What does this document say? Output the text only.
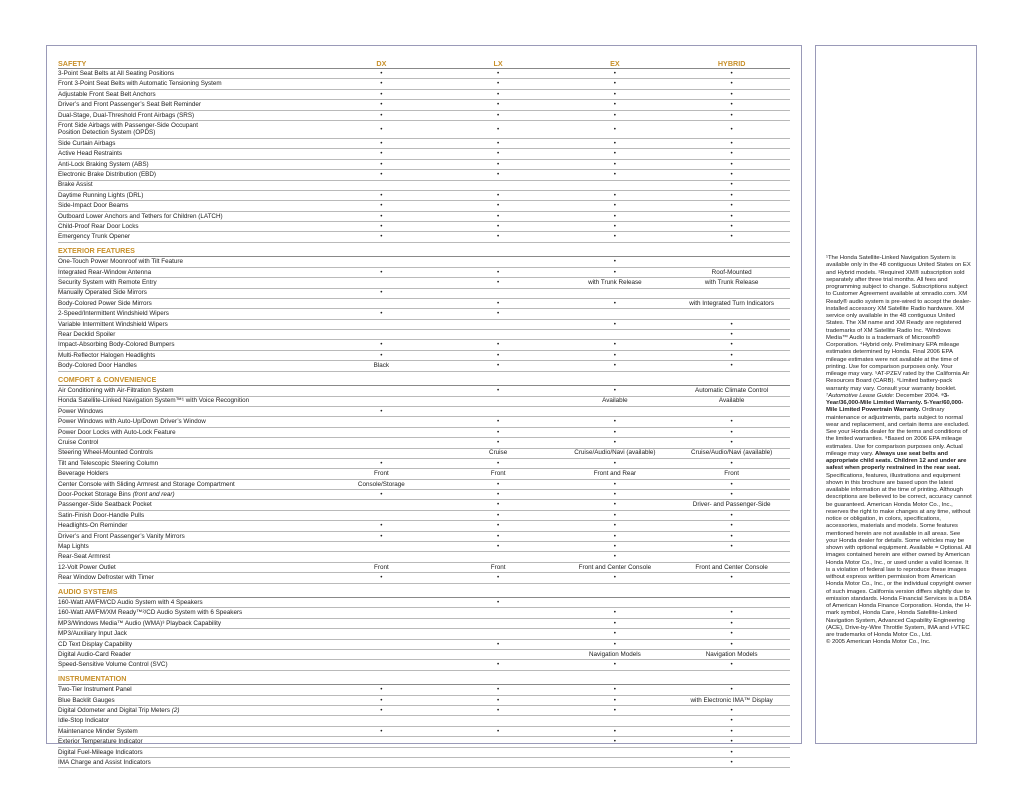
SAFETY	DX	LX	EX	HYBRID
3-Point Seat Belts at All Seating Positions	•	•	•	•
Front 3-Point Seat Belts with Automatic Tensioning System	•	•	•	•
Adjustable Front Seat Belt Anchors	•	•	•	•
Driver’s and Front Passenger’s Seat Belt Reminder	•	•	•	•
Dual-Stage, Dual-Threshold Front Airbags (SRS)	•	•	•	•
Front Side Airbags with Passenger-Side Occupant
Position Detection System (OPDS)	•	•	•	•
Side Curtain Airbags	•	•	•	•
Active Head Restraints	•	•	•	•
Anti-Lock Braking System (ABS)	•	•	•	•
Electronic Brake Distribution (EBD)	•	•	•	•
Brake Assist				•
Daytime Running Lights (DRL)	•	•	•	•
Side-Impact Door Beams	•	•	•	•
Outboard Lower Anchors and Tethers for Children (LATCH)	•	•	•	•
Child-Proof Rear Door Locks	•	•	•	•
Emergency Trunk Opener	•	•	•	•
EXTERIOR FEATURES				
One-Touch Power Moonroof with Tilt Feature			•	
Integrated Rear-Window Antenna	•	•	•	Roof-Mounted
Security System with Remote Entry		•	with Trunk Release	with Trunk Release
Manually Operated Side Mirrors	•			
Body-Colored Power Side Mirrors		•	•	with Integrated Turn Indicators
2-Speed/Intermittent Windshield Wipers	•	•		
Variable Intermittent Windshield Wipers			•	•
Rear Decklid Spoiler				•
Impact-Absorbing Body-Colored Bumpers	•	•	•	•
Multi-Reflector Halogen Headlights	•	•	•	•
Body-Colored Door Handles	Black	•	•	•
COMFORT & CONVENIENCE				
Air Conditioning with Air-Filtration System		•	•	Automatic Climate Control
Honda Satellite-Linked Navigation System™¹ with Voice Recognition			Available	Available
Power Windows	•			
Power Windows with Auto-Up/Down Driver’s Window		•	•	•
Power Door Locks with Auto-Lock Feature		•	•	•
Cruise Control		•	•	•
Steering Wheel-Mounted Controls		Cruise	Cruise/Audio/Navi (available)	Cruise/Audio/Navi (available)
Tilt and Telescopic Steering Column	•	•	•	•
Beverage Holders	Front	Front	Front and Rear	Front
Center Console with Sliding Armrest and Storage Compartment	Console/Storage	•	•	•
Door-Pocket Storage Bins (front and rear)	•	•	•	•
Passenger-Side Seatback Pocket		•	•	Driver- and Passenger-Side
Satin-Finish Door-Handle Pulls		•	•	•
Headlights-On Reminder	•	•	•	•
Driver’s and Front Passenger’s Vanity Mirrors	•	•	•	•
Map Lights		•	•	•
Rear-Seat Armrest			•	
12-Volt Power Outlet	Front	Front	Front and Center Console	Front and Center Console
Rear Window Defroster with Timer	•	•	•	•
AUDIO SYSTEMS				
160-Watt AM/FM/CD Audio System with 4 Speakers		•		
160-Watt AM/FM/XM Ready™²/CD Audio System with 6 Speakers			•	•
MP3/Windows Media™ Audio (WMA)³ Playback Capability			•	•
MP3/Auxiliary Input Jack			•	•
CD Text Display Capability		•	•	•
Digital Audio-Card Reader			Navigation Models	Navigation Models
Speed-Sensitive Volume Control (SVC)		•	•	•
INSTRUMENTATION				
Two-Tier Instrument Panel	•	•	•	•
Blue Backlit Gauges	•	•	•	with Electronic IMA™ Display
Digital Odometer and Digital Trip Meters (2)	•	•	•	•
Idle-Stop Indicator				•
Maintenance Minder System	•	•	•	•
Exterior Temperature Indicator			•	•
Digital Fuel-Mileage Indicators				•
IMA Charge and Assist Indicators				•

¹The Honda Satellite-Linked Navigation System is available only in the 48 contiguous United States on EX and Hybrid models. ²Required XM® subscription sold separately after three trial months. All fees and programming subject to change. Subscriptions subject to Customer Agreement available at xmradio.com. XM Ready® audio system is pre-wired to accept the dealer-installed accessory XM Satellite Radio hardware. XM service only available in the 48 contiguous United States. The XM name and XM Ready are registered trademarks of XM Satellite Radio Inc. ³Windows Media™ Audio is a trademark of Microsoft® Corporation. ⁴Hybrid only. Preliminary EPA mileage estimates determined by Honda. Final 2006 EPA mileage estimates were not available at the time of printing. Use for comparison purposes only. Your mileage may vary. ⁵AT-PZEV rated by the California Air Resources Board (CARB). ⁶Limited battery-pack warranty may vary. Consult your warranty booklet. ⁷Automotive Lease Guide: December 2004. ⁸3-Year/36,000-Mile Limited Warranty. 5-Year/60,000-Mile Limited Powertrain Warranty. Ordinary maintenance or adjustments, parts subject to normal wear and replacement, and certain items are excluded. See your Honda dealer for the terms and conditions of the limited warranties. ⁹Based on 2006 EPA mileage estimates. Use for comparison purposes only. Actual mileage may vary. Always use seat belts and appropriate child seats. Children 12 and under are safest when properly restrained in the rear seat. Specifications, features, illustrations and equipment shown in this brochure are based upon the latest available information at the time of printing. Although descriptions are believed to be correct, accuracy cannot be guaranteed. American Honda Motor Co., Inc., reserves the right to make changes at any time, without notice or obligation, in colors, specifications, accessories, materials and models. Some features mentioned herein are not available in all areas. See your Honda dealer for details. Some vehicles may be shown with optional equipment. Available = Optional. All images contained herein are either owned by American Honda Motor Co., Inc., or used under a valid license. It is a violation of federal law to reproduce these images without express written permission from American Honda Motor Co., Inc., or the individual copyright owner of such images. California version differs slightly due to emission standards. Honda Financial Services is a DBA of American Honda Finance Corporation. Honda, the H-mark symbol, Honda Care, Honda Satellite-Linked Navigation System, Advanced Capability Engineering (ACE), Drive-by-Wire Throttle System, IMA and i-VTEC are trademarks of Honda Motor Co., Ltd.

© 2005 American Honda Motor Co., Inc.
